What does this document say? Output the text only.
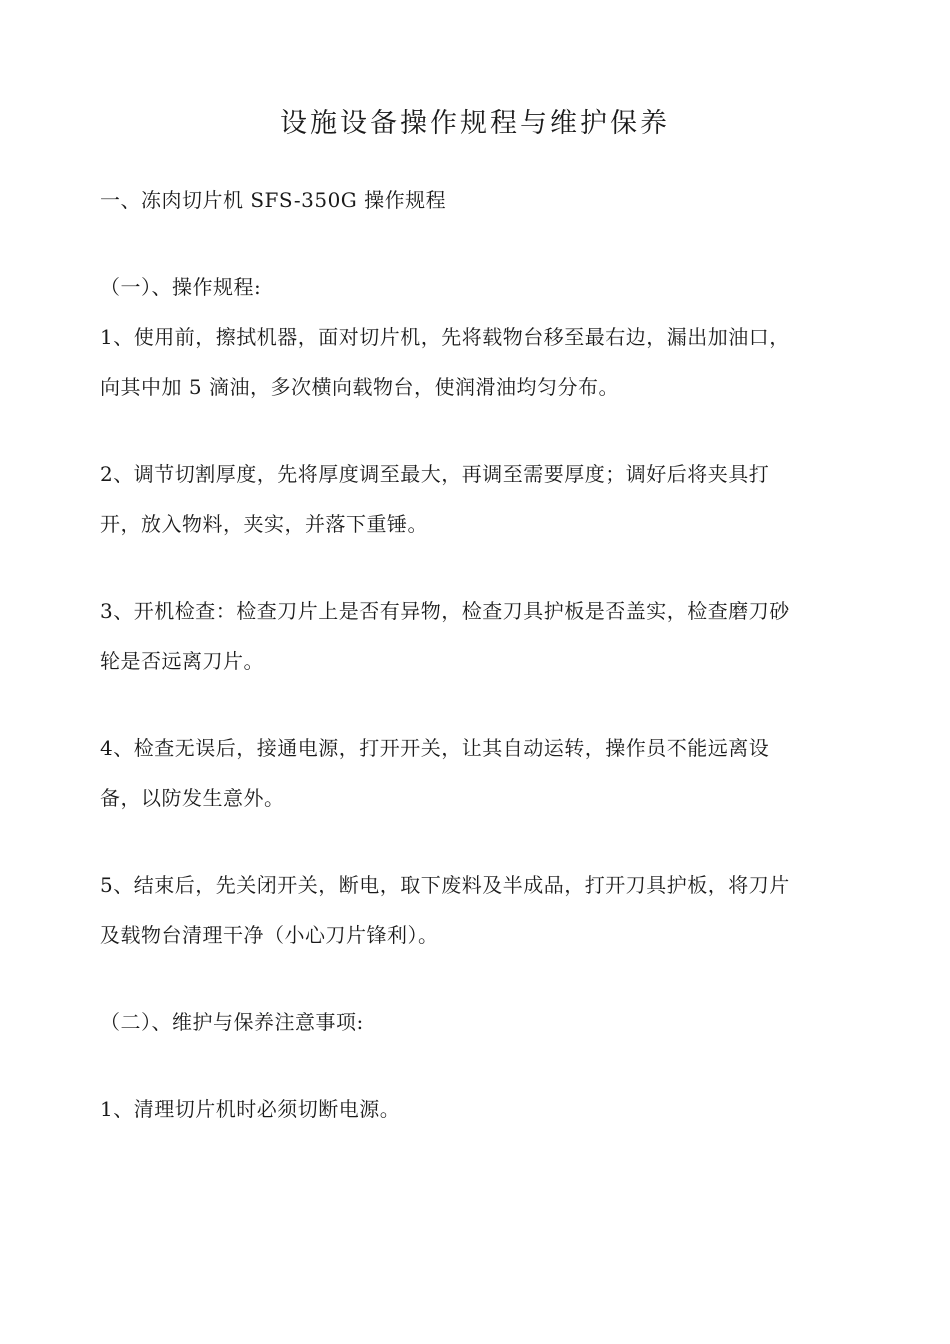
设施设备操作规程与维护保养
一、冻肉切片机 SFS-350G 操作规程
（一）、操作规程:
1、使用前，擦拭机器，面对切片机，先将载物台移至最右边，漏出加油口，
向其中加 5 滴油，多次横向载物台，使润滑油均匀分布。
2、调节切割厚度，先将厚度调至最大，再调至需要厚度；调好后将夹具打
开，放入物料，夹实，并落下重锤。
3、开机检查：检查刀片上是否有异物，检查刀具护板是否盖实，检查磨刀砂
轮是否远离刀片。
4、检查无误后，接通电源，打开开关，让其自动运转，操作员不能远离设
备，以防发生意外。
5、结束后，先关闭开关，断电，取下废料及半成品，打开刀具护板，将刀片
及载物台清理干净（小心刀片锋利）。
（二）、维护与保养注意事项:
1、清理切片机时必须切断电源。
